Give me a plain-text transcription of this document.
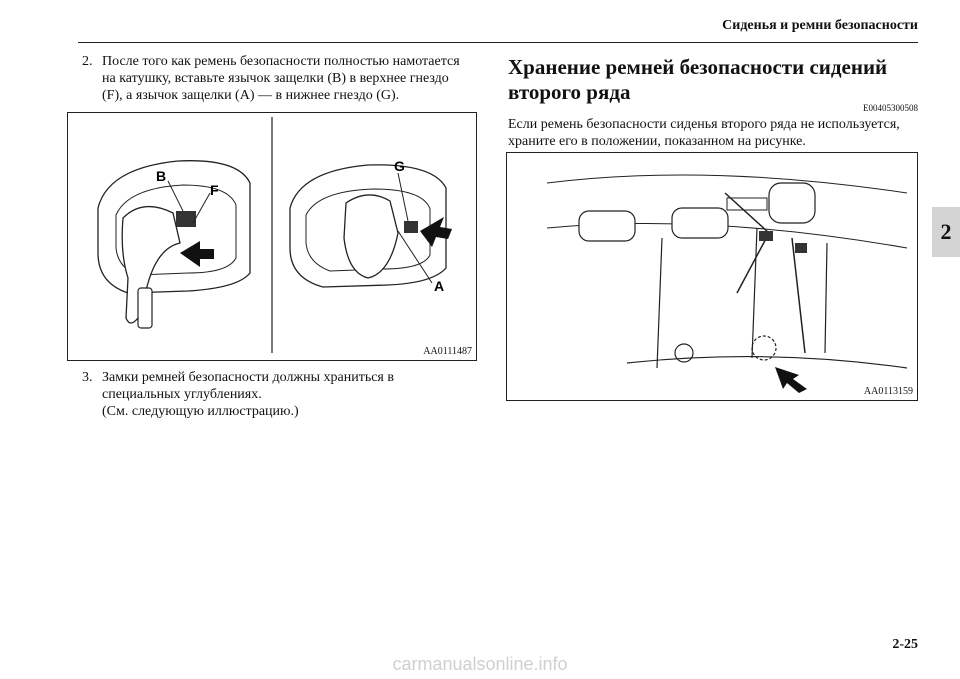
Сиденья и ремни безопасности
2
2. После того как ремень безопасности полностью намотается на катушку, вставьте язычок защелки (B) в верхнее гнездо (F), а язычок защелки (A) — в нижнее гнездо (G).
B
F
G
A
AA0111487
3. Замки ремней безопасности должны храниться в специальных углублениях.
(См. следующую иллюстрацию.)
Хранение ремней безопасности сидений второго ряда
E00405300508
Если ремень безопасности сиденья второго ряда не используется, храните его в положении, показанном на рисунке.
AA0113159
2-25
carmanualsonline.info
